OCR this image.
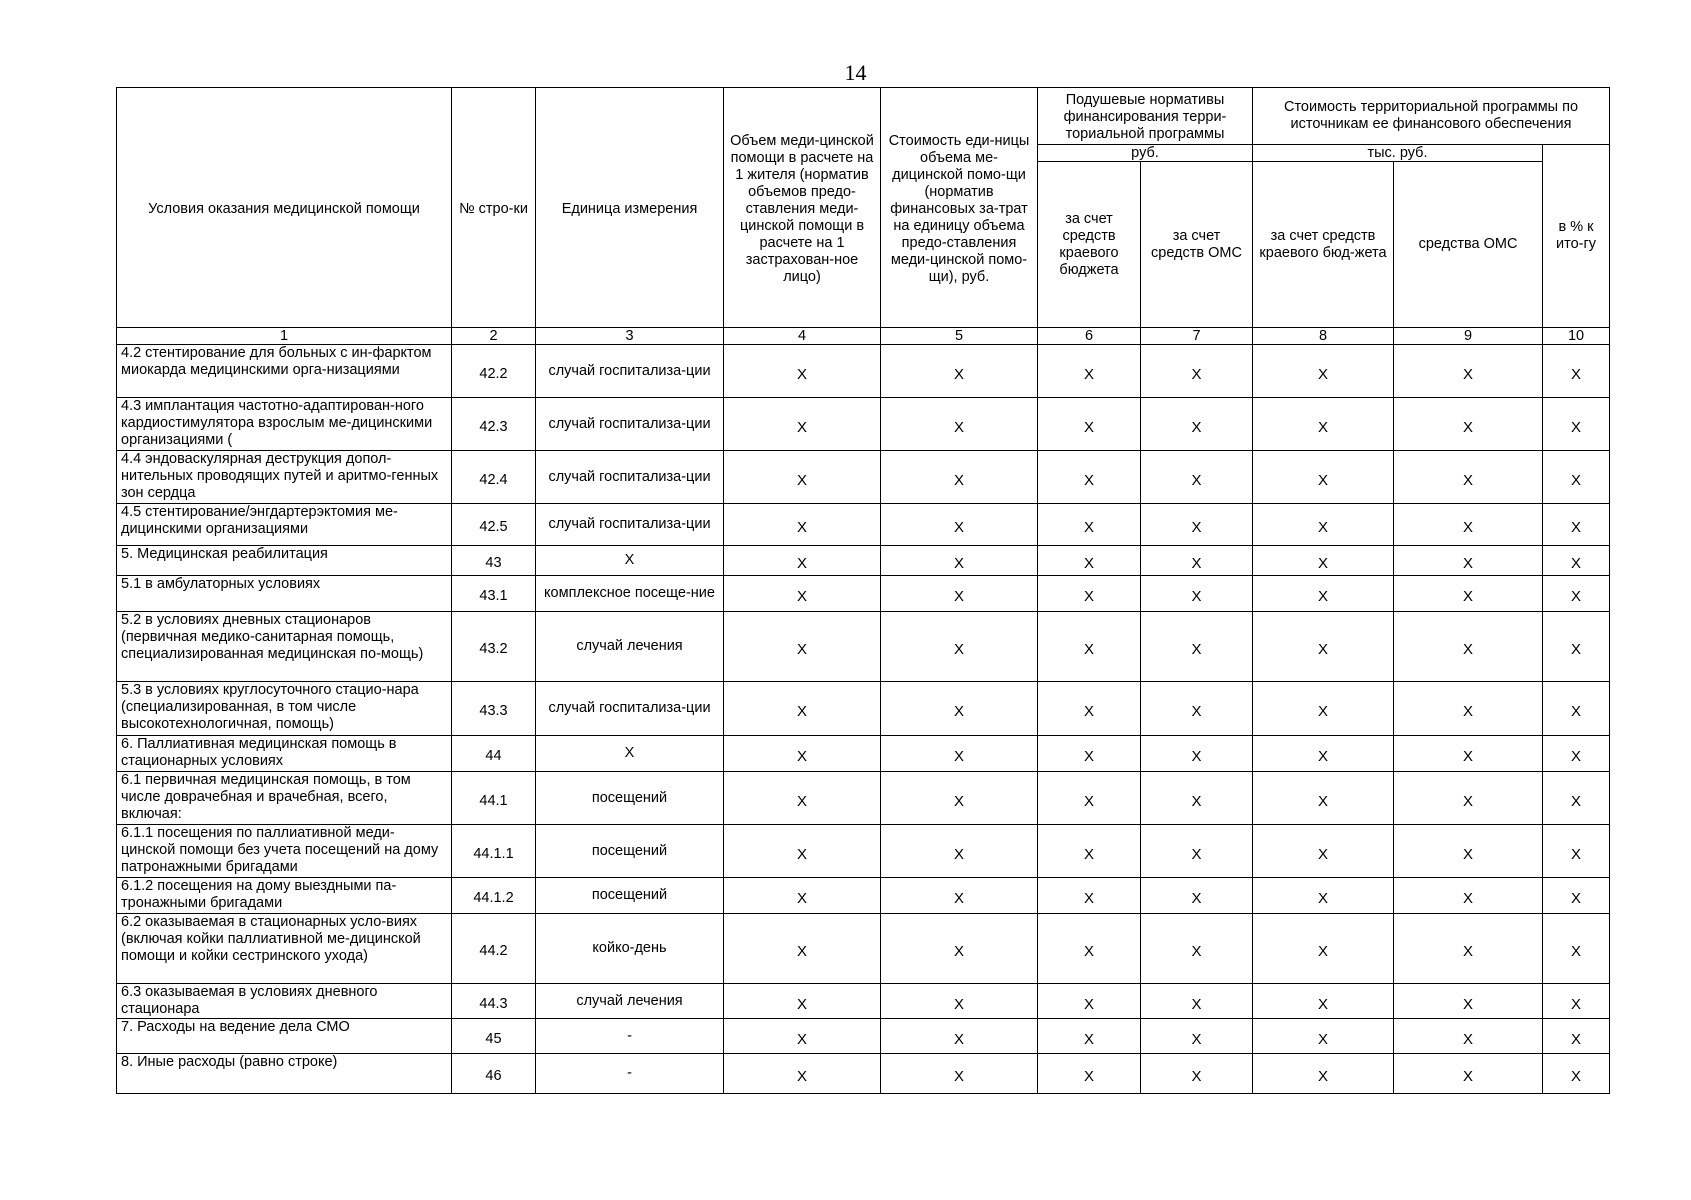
14
Условия оказания медицинской помощи	№ стро-ки	Единица измерения	Объем меди-цинской помощи в расчете на 1 жителя (норматив объемов предо-ставления меди-цинской помощи в расчете на 1 застрахован-ное лицо)	Стоимость еди-ницы объема ме-дицинской помо-щи (норматив финансовых за-трат на единицу объема предо-ставления меди-цинской помо-щи), руб.	Подушевые нормативы финансирования терри-ториальной программы		Стоимость территориальной программы по источникам ее финансового обеспечения		
					руб.		тыс. руб.		в % к ито-гу
					за счет средств краевого бюджета	за счет средств ОМС	за счет средств краевого бюд-жета	средства ОМС	

1	2	3	4	5	6	7	8	9	10
4.2 стентирование для больных с ин-фарктом миокарда медицинскими орга-низациями	42.2	случай госпитализа-ции	X	X	X	X	X	X	X
4.3 имплантация частотно-адаптирован-ного кардиостимулятора взрослым ме-дицинскими организациями (	42.3	случай госпитализа-ции	X	X	X	X	X	X	X
4.4 эндоваскулярная деструкция допол-нительных проводящих путей и аритмо-генных зон сердца	42.4	случай госпитализа-ции	X	X	X	X	X	X	X
4.5 стентирование/энгдартерэктомия ме-дицинскими организациями	42.5	случай госпитализа-ции	X	X	X	X	X	X	X
5. Медицинская реабилитация	43	X	X	X	X	X	X	X	X
5.1 в амбулаторных условиях	43.1	комплексное посеще-ние	X	X	X	X	X	X	X
5.2 в условиях дневных стационаров (первичная медико-санитарная помощь, специализированная медицинская по-мощь)	43.2	случай лечения	X	X	X	X	X	X	X
5.3 в условиях круглосуточного стацио-нара (специализированная, в том числе высокотехнологичная, помощь)	43.3	случай госпитализа-ции	X	X	X	X	X	X	X
6. Паллиативная медицинская помощь в стационарных условиях	44	X	X	X	X	X	X	X	X
6.1 первичная медицинская помощь, в том числе доврачебная и врачебная, всего, включая:	44.1	посещений	X	X	X	X	X	X	X
6.1.1 посещения по паллиативной меди-цинской помощи без учета посещений на дому патронажными бригадами	44.1.1	посещений	X	X	X	X	X	X	X
6.1.2 посещения на дому выездными па-тронажными бригадами	44.1.2	посещений	X	X	X	X	X	X	X
6.2 оказываемая в стационарных усло-виях (включая койки паллиативной ме-дицинской помощи и койки сестринского ухода)	44.2	койко-день	X	X	X	X	X	X	X
6.3 оказываемая в условиях дневного стационара	44.3	случай лечения	X	X	X	X	X	X	X
7. Расходы на ведение дела СМО	45	-	X	X	X	X	X	X	X
8. Иные расходы (равно строке)	46	-	X	X	X	X	X	X	X
